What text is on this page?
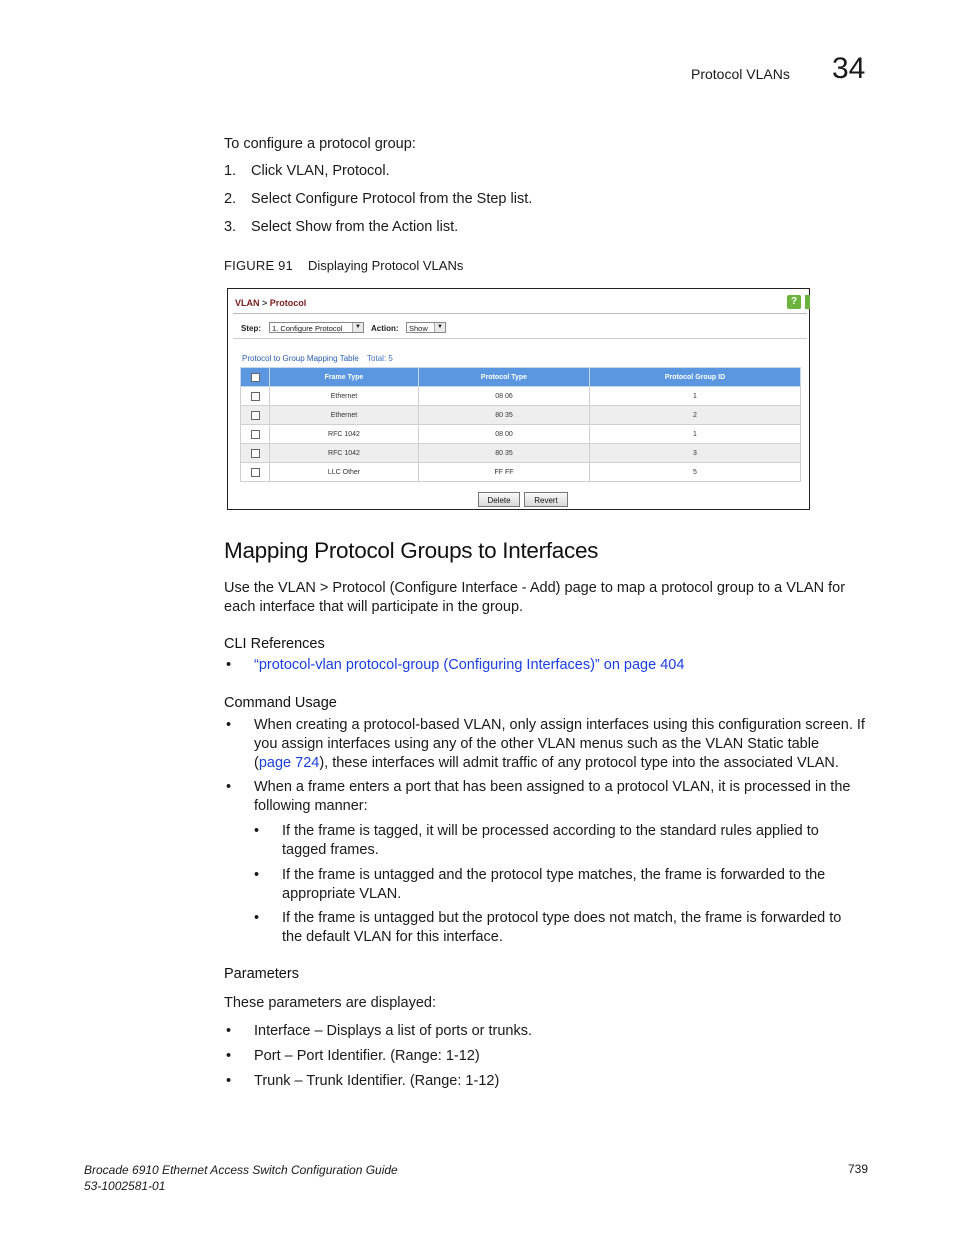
Protocol VLANs 34
To configure a protocol group:
1. Click VLAN, Protocol.
2. Select Configure Protocol from the Step list.
3. Select Show from the Action list.
FIGURE 91 Displaying Protocol VLANs
VLAN > Protocol	?
Step:	1. Configure Protocol	▼ Action:	Show	▼
Protocol to Group Mapping Table Total: 5
	Frame Type	Protocol Type	Protocol Group ID
	Ethernet	08 06	1
	Ethernet	80 35	2
	RFC 1042	08 00	1
	RFC 1042	80 35	3
	LLC Other	FF FF	5
Delete	Revert
Mapping Protocol Groups to Interfaces
Use the VLAN > Protocol (Configure Interface - Add) page to map a protocol group to a VLAN for
each interface that will participate in the group.
CLI References
• “protocol-vlan protocol-group (Configuring Interfaces)” on page 404
Command Usage
• When creating a protocol-based VLAN, only assign interfaces using this configuration screen. If
you assign interfaces using any of the other VLAN menus such as the VLAN Static table
(page 724), these interfaces will admit traffic of any protocol type into the associated VLAN.
• When a frame enters a port that has been assigned to a protocol VLAN, it is processed in the
following manner:
• If the frame is tagged, it will be processed according to the standard rules applied to
tagged frames.
• If the frame is untagged and the protocol type matches, the frame is forwarded to the
appropriate VLAN.
• If the frame is untagged but the protocol type does not match, the frame is forwarded to
the default VLAN for this interface.
Parameters
These parameters are displayed:
• Interface – Displays a list of ports or trunks.
• Port – Port Identifier. (Range: 1-12)
• Trunk – Trunk Identifier. (Range: 1-12)
Brocade 6910 Ethernet Access Switch Configuration Guide
53-1002581-01
739
